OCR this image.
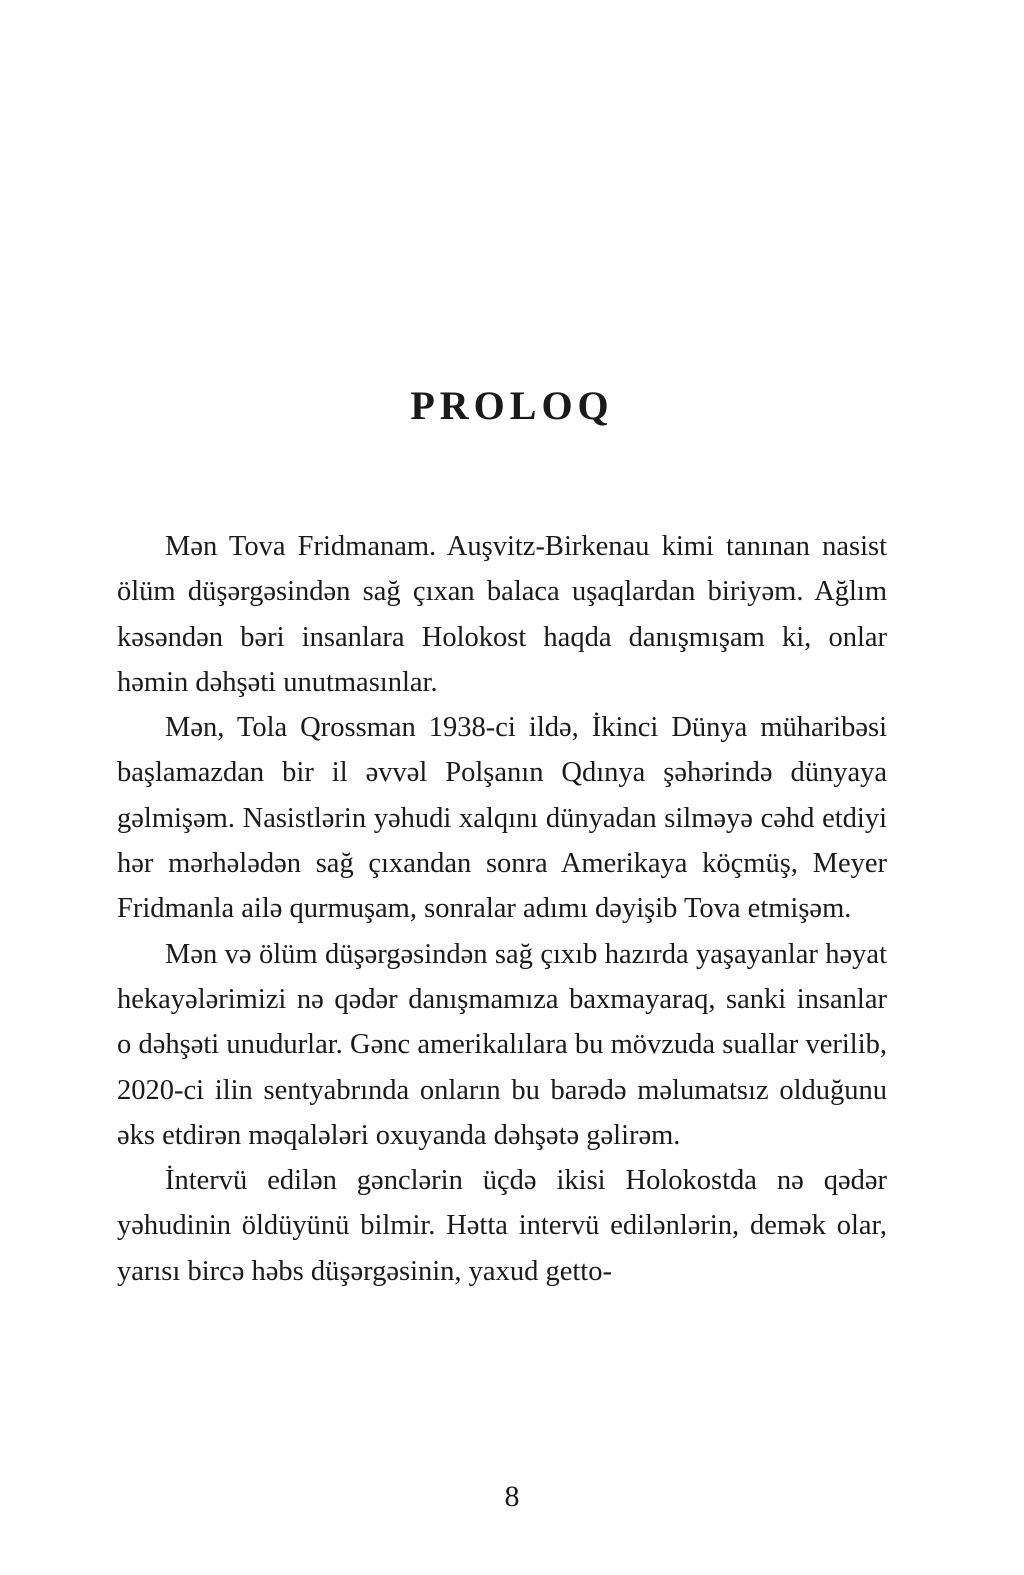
PROLOQ

Mən Tova Fridmanam. Auşvitz-Birkenau kimi tanınan nasist ölüm düşərgəsindən sağ çıxan balaca uşaqlardan biriyəm. Ağlım kəsəndən bəri insanlara Holokost haqda danışmışam ki, onlar həmin dəhşəti unutmasınlar.

Mən, Tola Qrossman 1938-ci ildə, İkinci Dünya müharibəsi başlamazdan bir il əvvəl Polşanın Qdınya şəhərində dünyaya gəlmişəm. Nasistlərin yəhudi xalqını dünyadan silməyə cəhd etdiyi hər mərhələdən sağ çıxandan sonra Amerikaya köçmüş, Meyer Fridmanla ailə qurmuşam, sonralar adımı dəyişib Tova etmişəm.

Mən və ölüm düşərgəsindən sağ çıxıb hazırda yaşayanlar həyat hekayələrimizi nə qədər danışmamıza baxmayaraq, sanki insanlar o dəhşəti unudurlar. Gənc amerikalılara bu mövzuda suallar verilib, 2020-ci ilin sentyabrında onların bu barədə məlumatsız olduğunu əks etdirən məqalələri oxuyanda dəhşətə gəlirəm.

İntervü edilən gənclərin üçdə ikisi Holokostda nə qədər yəhudinin öldüyünü bilmir. Hətta intervü edilənlərin, demək olar, yarısı bircə həbs düşərgəsinin, yaxud getto-

8
